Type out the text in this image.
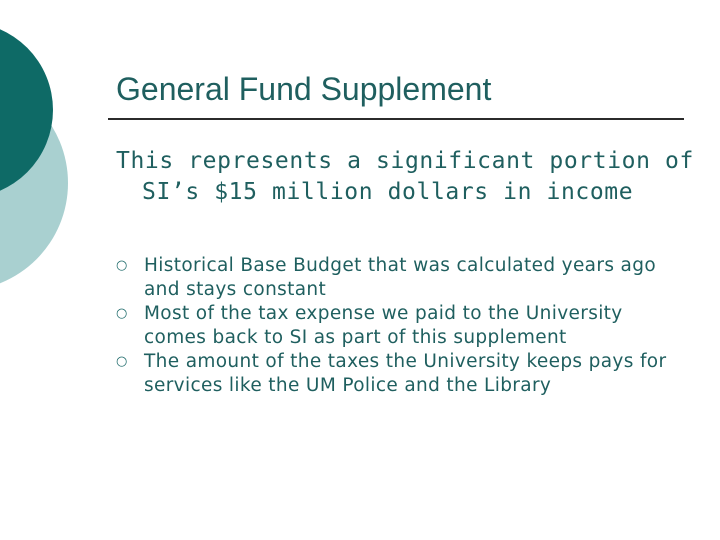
General Fund Supplement

This represents a significant portion of SI’s $15 million dollars in income

○ Historical Base Budget that was calculated years ago and stays constant
○ Most of the tax expense we paid to the University comes back to SI as part of this supplement
○ The amount of the taxes the University keeps pays for services like the UM Police and the Library
